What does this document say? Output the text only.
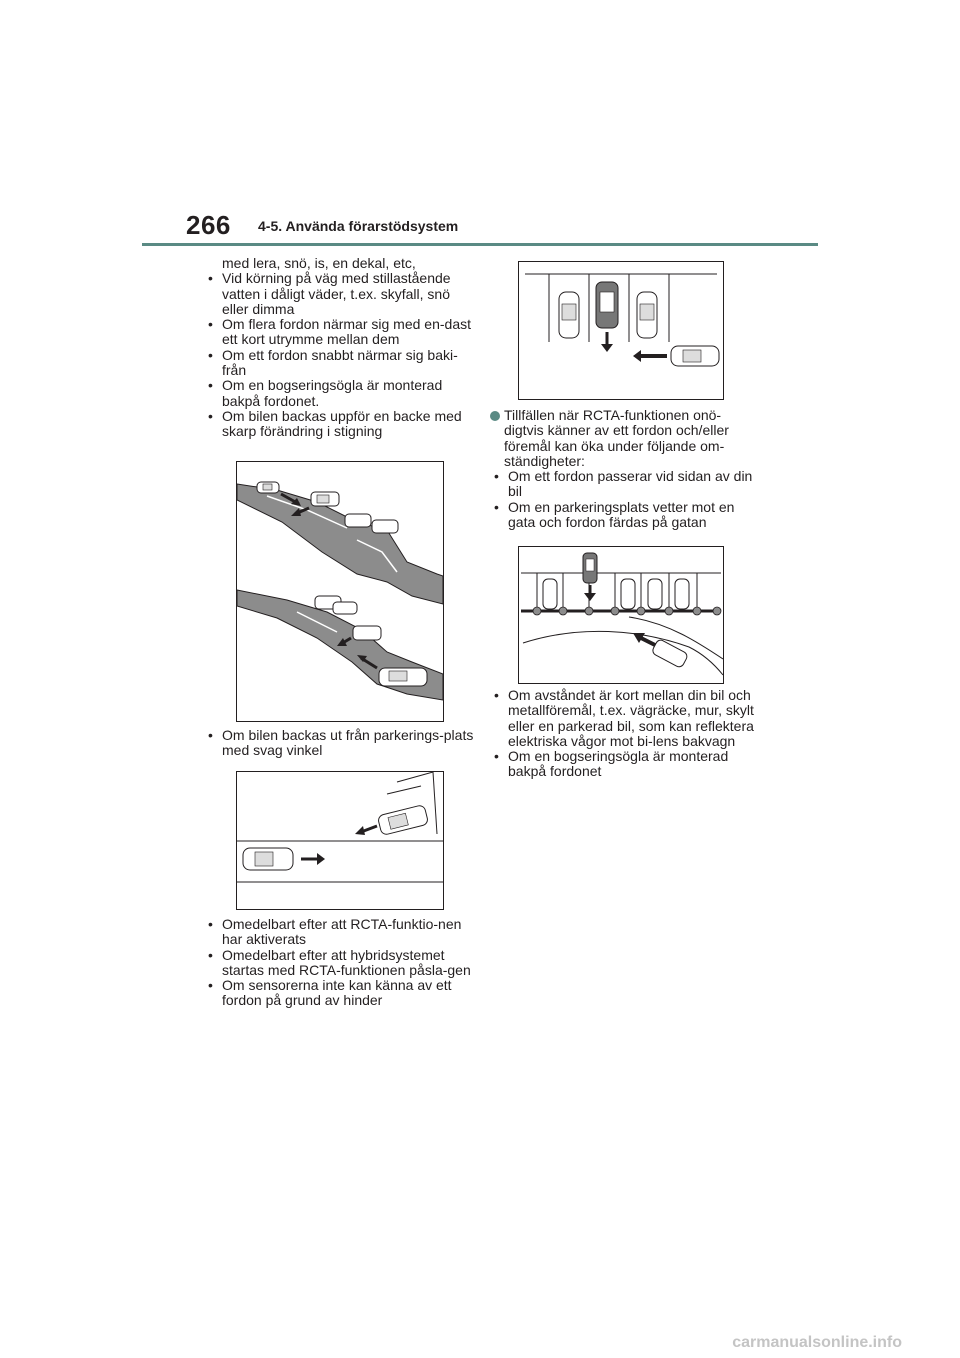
266 4-5. Använda förarstödsystem
med lera, snö, is, en dekal, etc,
• Vid körning på väg med stillastående vatten i dåligt väder, t.ex. skyfall, snö eller dimma
• Om flera fordon närmar sig med en-dast ett kort utrymme mellan dem
• Om ett fordon snabbt närmar sig baki-från
• Om en bogseringsögla är monterad bakpå fordonet.
• Om bilen backas uppför en backe med skarp förändring i stigning
• Om bilen backas ut från parkerings-plats med svag vinkel
• Omedelbart efter att RCTA-funktio-nen har aktiverats
• Omedelbart efter att hybridsystemet startas med RCTA-funktionen påsla-gen
• Om sensorerna inte kan känna av ett fordon på grund av hinder
Tillfällen när RCTA-funktionen onö-digtvis känner av ett fordon och/eller föremål kan öka under följande om-ständigheter:
• Om ett fordon passerar vid sidan av din bil
• Om en parkeringsplats vetter mot en gata och fordon färdas på gatan
• Om avståndet är kort mellan din bil och metallföremål, t.ex. vägräcke, mur, skylt eller en parkerad bil, som kan reflektera elektriska vågor mot bi-lens bakvagn
• Om en bogseringsögla är monterad bakpå fordonet
carmanualsonline.info
